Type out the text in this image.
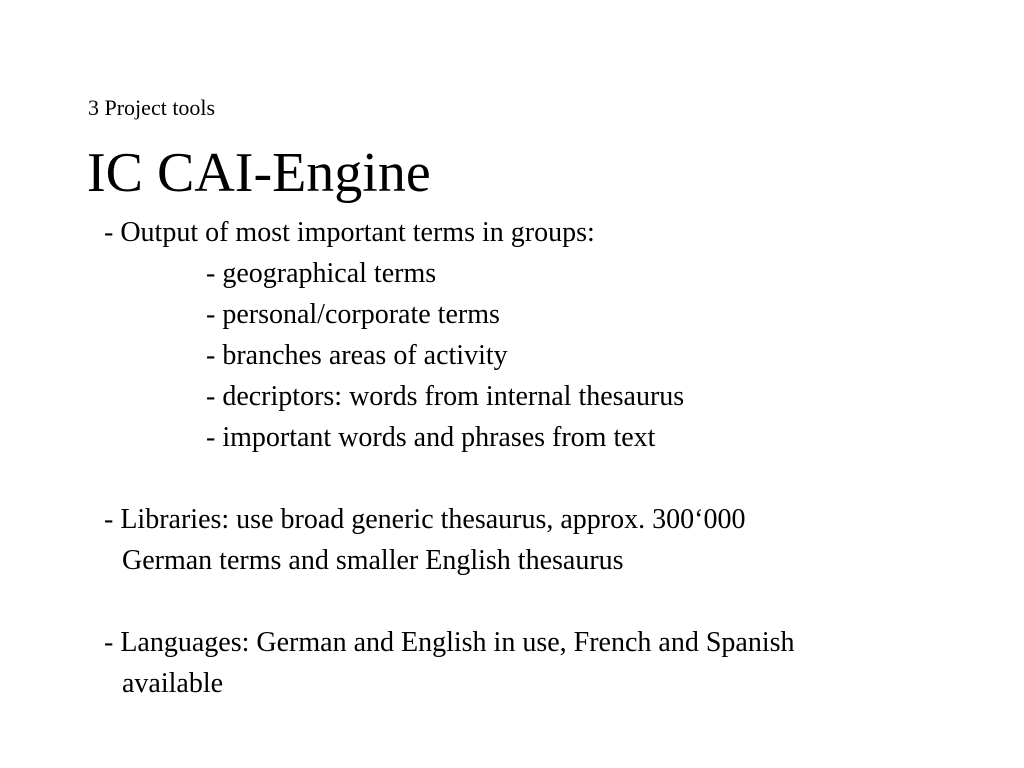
3 Project tools
IC CAI-Engine
- Output of most important terms in groups:
- geographical terms
- personal/corporate terms
- branches areas of activity
- decriptors: words from internal thesaurus
- important words and phrases from text
- Libraries: use broad generic thesaurus, approx. 300‘000
German terms and smaller English thesaurus
- Languages: German and English in use, French and Spanish
available
